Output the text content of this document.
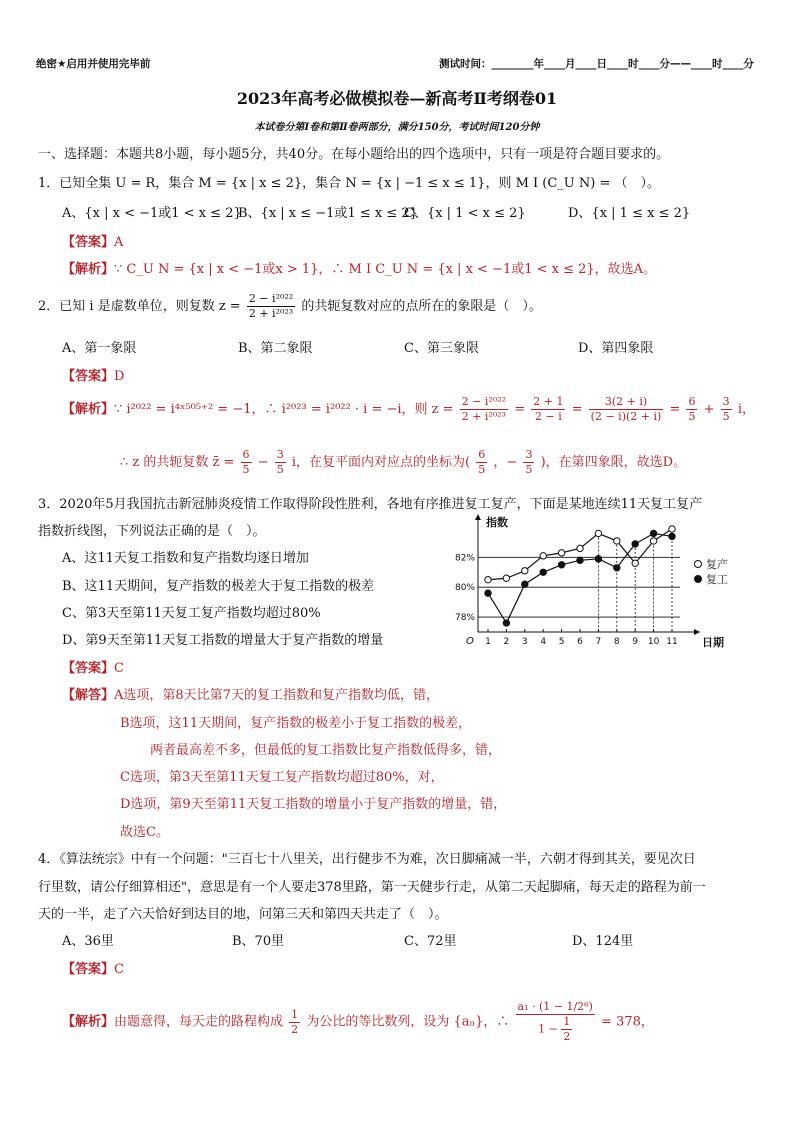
绝密★启用并使用完毕前	测试时间：________年____月____日____时____分——____时____分
2023年高考必做模拟卷—新高考Ⅱ考纲卷01
本试卷分第Ⅰ卷和第Ⅱ卷两部分，满分150分，考试时间120分钟
一、选择题：本题共8小题，每小题5分，共40分。在每小题给出的四个选项中，只有一项是符合题目要求的。
1．已知全集 U = R，集合 M = {x | x ≤ 2}，集合 N = {x | −1 ≤ x ≤ 1}，则 M I (C_U N) = （　）。
A、{x | x < −1或1 < x ≤ 2}
B、{x | x ≤ −1或1 ≤ x ≤ 2}
C、{x | 1 < x ≤ 2}	D、{x | 1 ≤ x ≤ 2}
【答案】A
【解析】∵ C_U N = {x | x < −1或x > 1}，∴ M I C_U N = {x | x < −1或1 < x ≤ 2}，故选A。
2．已知 i 是虚数单位，则复数 $z = \frac{\text{2 − i²⁰²²}}{\text{2 + i²⁰²³}}$ 的共轭复数对应的点所在的象限是（　）。
A、第一象限	B、第二象限	C、第三象限	D、第四象限
【答案】D
【解析】∵ i²⁰²² = i⁴ˣ⁵⁰⁵⁺² = −1，∴ i²⁰²³ = i²⁰²² · i = −i，则 $z = \frac{\text{2 − i²⁰²²}}{\text{2 + i²⁰²³}} = \frac{2 + 1}{2 - i} = \frac{3(2 + i)}{(2 - i)(2 + i)} = \frac{6}{5} + \frac{3}{5}$ i，
∴ z 的共轭复数 z̄ = $\frac{6}{5} - \frac{3}{5}$ i，在复平面内对应点的坐标为( $\frac{6}{5}$ ，− $\frac{3}{5}$ )，在第四象限，故选D。
3．2020年5月我国抗击新冠肺炎疫情工作取得阶段性胜利，各地有序推进复工复产，下面是某地连续11天复工复产
指数折线图，下列说法正确的是（　）。
A、这11天复工指数和复产指数均逐日增加
B、这11天期间，复产指数的极差大于复工指数的极差
C、第3天至第11天复工复产指数均超过80%
D、第9天至第11天复工指数的增量大于复产指数的增量
78%
80%
82%
1 2 3 4 5 6 7 8 9 10 11
指数
日期
O
复产
复工
【答案】C
【解答】A选项，第8天比第7天的复工指数和复产指数均低，错，
B选项，这11天期间，复产指数的极差小于复工指数的极差，
两者最高差不多，但最低的复工指数比复产指数低得多，错，
C选项，第3天至第11天复工复产指数均超过80%，对，
D选项，第9天至第11天复工指数的增量小于复产指数的增量，错，
故选C。
4．《算法统宗》中有一个问题："三百七十八里关，出行健步不为难，次日脚痛减一半，六朝才得到其关，要见次日
行里数，请公仔细算相还"，意思是有一个人要走378里路，第一天健步行走，从第二天起脚痛，每天走的路程为前一
天的一半，走了六天恰好到达目的地，问第三天和第四天共走了（　）。
A、36里	B、70里	C、72里	D、124里
【答案】C
【解析】由题意得，每天走的路程构成 $\frac{1}{2}$ 为公比的等比数列，设为 {aₙ}，∴ $\frac{\text{a₁ · (1 − 1/2⁶)}}{1 - \frac{1}{2}} = 378$，
